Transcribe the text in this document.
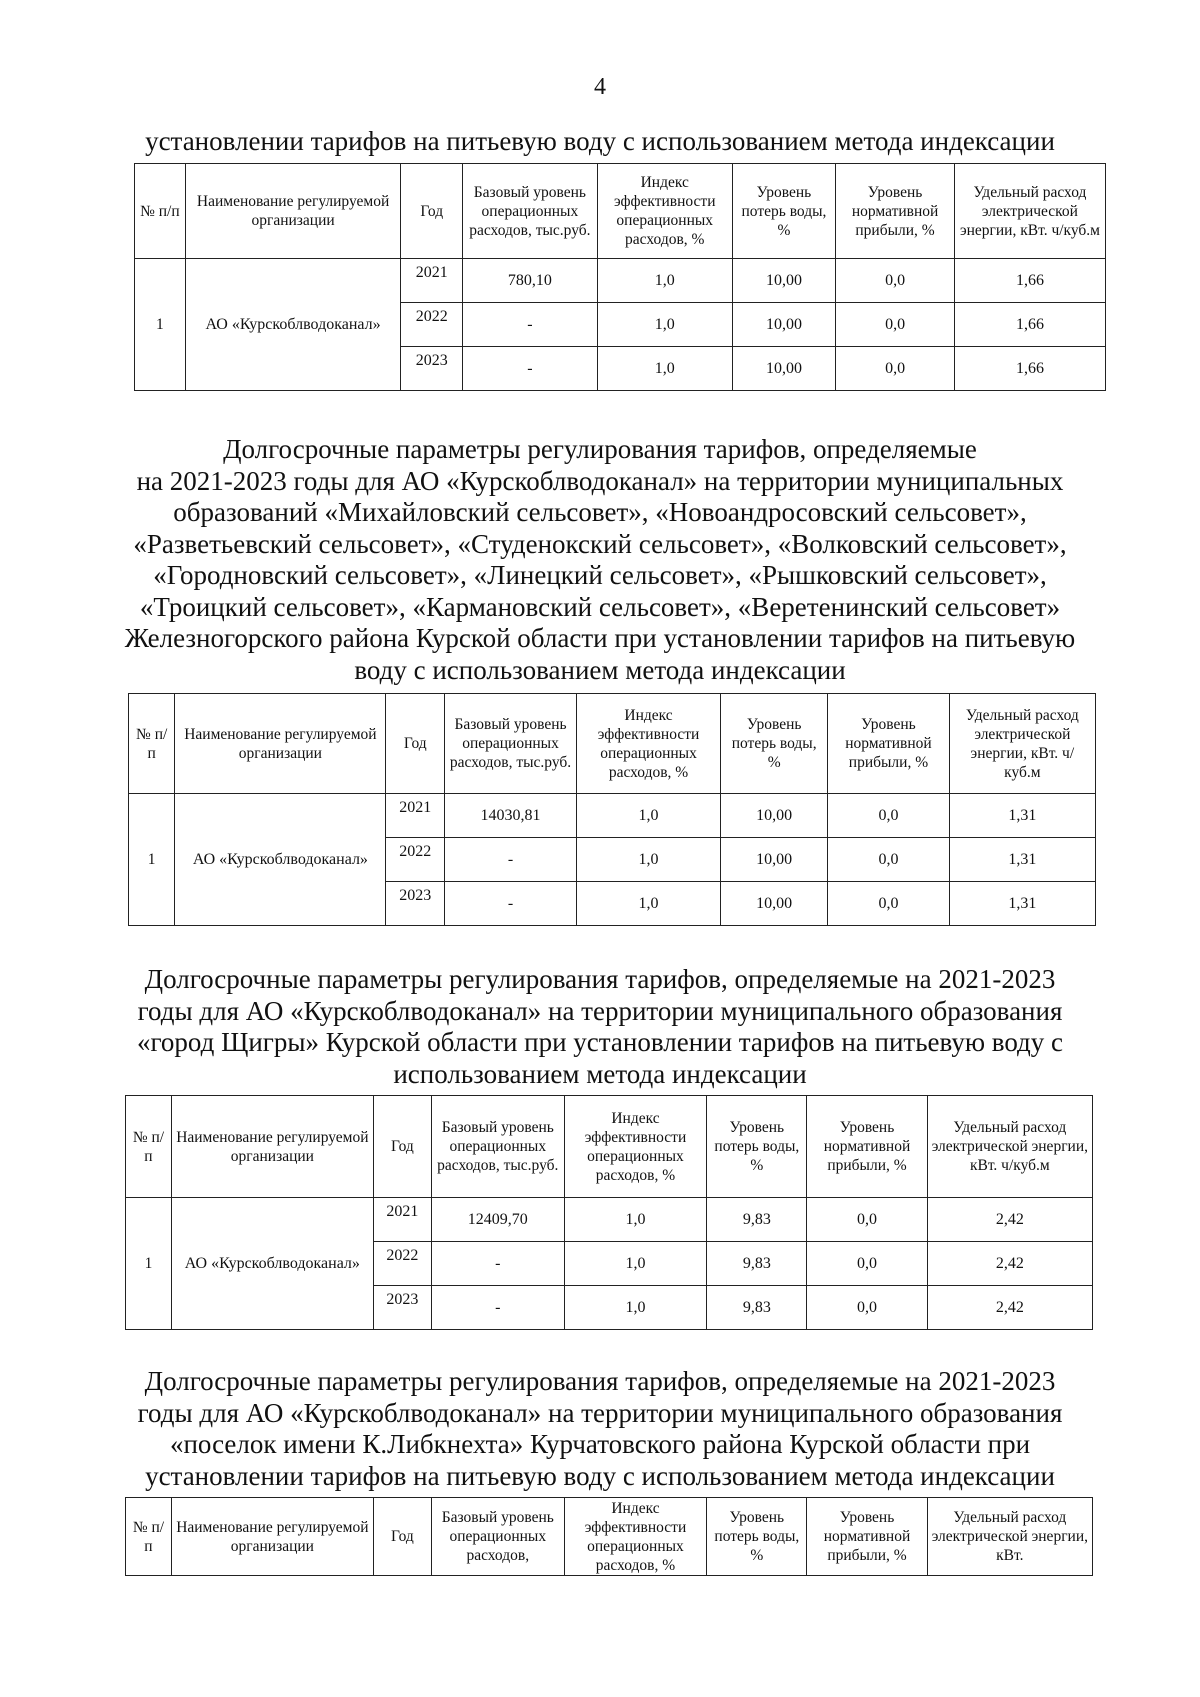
4
установлении тарифов на питьевую воду с использованием метода индексации
№ п/п	Наименование регулируемой организации	Год	Базовый уровень операционных расходов, тыс.руб.	Индекс эффективности операционных расходов, %	Уровень потерь воды, %	Уровень нормативной прибыли, %	Удельный расход электрической энергии, кВт. ч/куб.м
1	АО «Курскоблводоканал»	2021	780,10	1,0	10,00	0,0	1,66
		2022	-	1,0	10,00	0,0	1,66
		2023	-	1,0	10,00	0,0	1,66
Долгосрочные параметры регулирования тарифов, определяемые
на 2021-2023 годы для АО «Курскоблводоканал» на территории муниципальных
образований «Михайловский сельсовет», «Новоандросовский сельсовет»,
«Разветьевский сельсовет», «Студенокский сельсовет», «Волковский сельсовет»,
«Городновский сельсовет», «Линецкий сельсовет», «Рышковский сельсовет»,
«Троицкий сельсовет», «Кармановский сельсовет», «Веретенинский сельсовет»
Железногорского района Курской области при установлении тарифов на питьевую
воду с использованием метода индексации
№ п/п	Наименование регулируемой организации	Год	Базовый уровень операционных расходов, тыс.руб.	Индекс эффективности операционных расходов, %	Уровень потерь воды, %	Уровень нормативной прибыли, %	Удельный расход электрической энергии, кВт. ч/куб.м
1	АО «Курскоблводоканал»	2021	14030,81	1,0	10,00	0,0	1,31
		2022	-	1,0	10,00	0,0	1,31
		2023	-	1,0	10,00	0,0	1,31
Долгосрочные параметры регулирования тарифов, определяемые на 2021-2023
годы для АО «Курскоблводоканал» на территории муниципального образования
«город Щигры» Курской области при установлении тарифов на питьевую воду с
использованием метода индексации
№ п/п	Наименование регулируемой организации	Год	Базовый уровень операционных расходов, тыс.руб.	Индекс эффективности операционных расходов, %	Уровень потерь воды, %	Уровень нормативной прибыли, %	Удельный расход электрической энергии, кВт. ч/куб.м
1	АО «Курскоблводоканал»	2021	12409,70	1,0	9,83	0,0	2,42
		2022	-	1,0	9,83	0,0	2,42
		2023	-	1,0	9,83	0,0	2,42
Долгосрочные параметры регулирования тарифов, определяемые на 2021-2023
годы для АО «Курскоблводоканал» на территории муниципального образования
«поселок имени К.Либкнехта» Курчатовского района Курской области при
установлении тарифов на питьевую воду с использованием метода индексации
№ п/п	Наименование регулируемой организации	Год	Базовый уровень операционных расходов,	Индекс эффективности операционных расходов, %	Уровень потерь воды, %	Уровень нормативной прибыли, %	Удельный расход электрической энергии, кВт.
